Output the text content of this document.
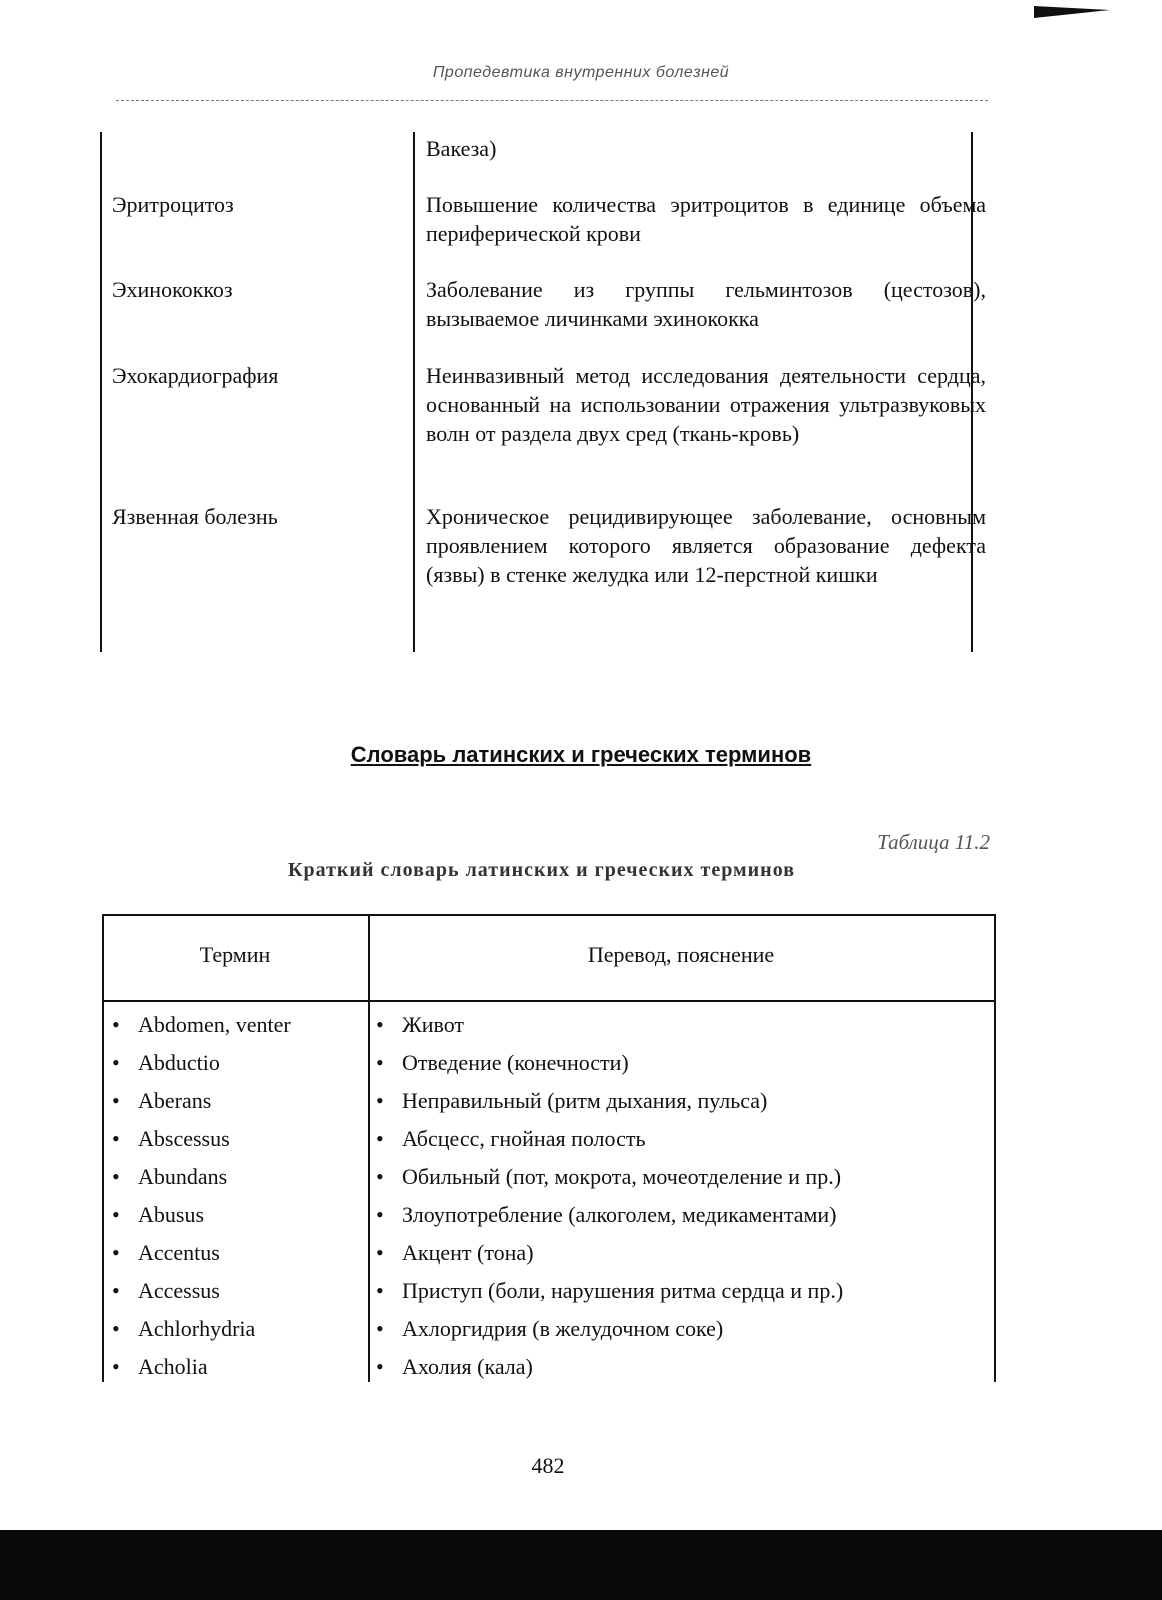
Пропедевтика внутренних болезней
Вакеза)
Эритроцитоз	Повышение количества эритроцитов в единице объема периферической крови
Эхинококкоз	Заболевание из группы гельминтозов (цестозов), вызываемое личинками эхинококка
Эхокардиография	Неинвазивный метод исследования деятельности сердца, основанный на использовании отражения ультразвуковых волн от раздела двух сред (ткань-кровь)
Язвенная болезнь	Хроническое рецидивирующее заболевание, основным проявлением которого является образование дефекта (язвы) в стенке желудка или 12-перстной кишки
Словарь латинских и греческих терминов
Таблица 11.2
Краткий словарь латинских и греческих терминов
Термин	Перевод, пояснение
• Abdomen, venter	• Живот
• Abductio	• Отведение (конечности)
• Aberans	• Неправильный (ритм дыхания, пульса)
• Abscessus	• Абсцесс, гнойная полость
• Abundans	• Обильный (пот, мокрота, мочеотделение и пр.)
• Abusus	• Злоупотребление (алкоголем, медикаментами)
• Accentus	• Акцент (тона)
• Accessus	• Приступ (боли, нарушения ритма сердца и пр.)
• Achlorhydria	• Ахлоргидрия (в желудочном соке)
• Acholia	• Ахолия (кала)
482
